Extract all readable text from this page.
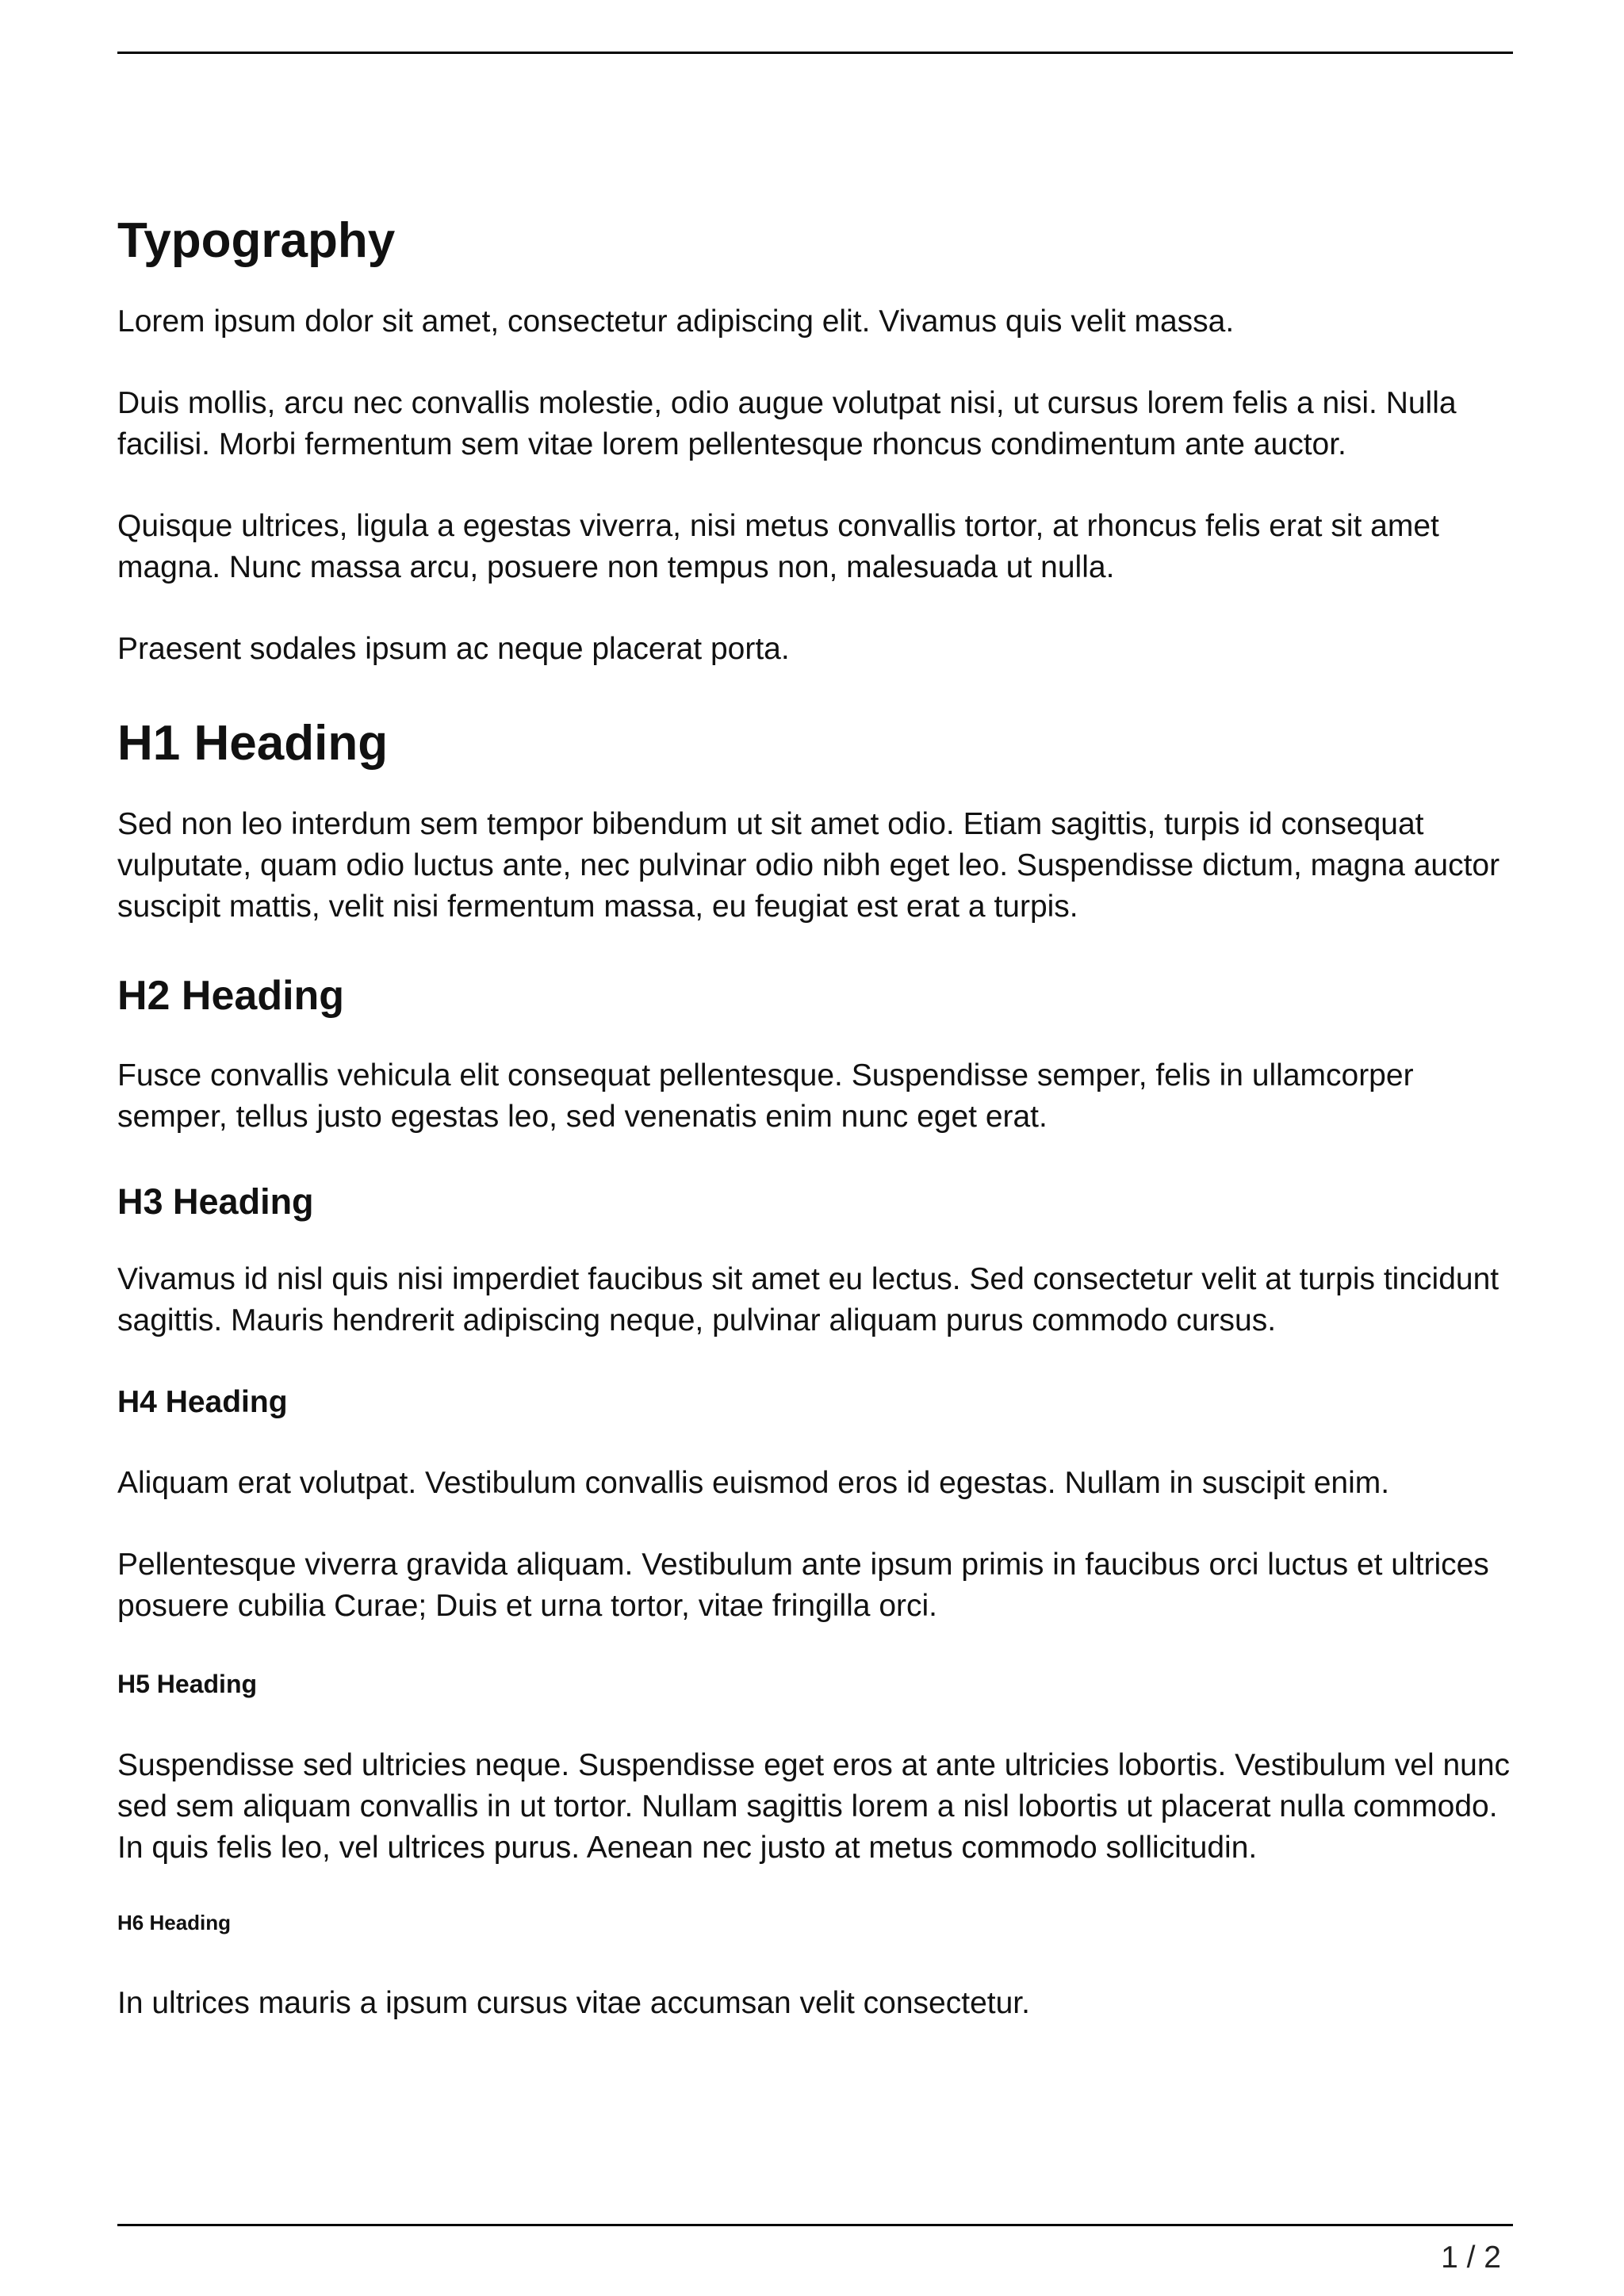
Typography

Lorem ipsum dolor sit amet, consectetur adipiscing elit. Vivamus quis velit massa.

Duis mollis, arcu nec convallis molestie, odio augue volutpat nisi, ut cursus lorem felis a nisi. Nulla facilisi. Morbi fermentum sem vitae lorem pellentesque rhoncus condimentum ante auctor.

Quisque ultrices, ligula a egestas viverra, nisi metus convallis tortor, at rhoncus felis erat sit amet magna. Nunc massa arcu, posuere non tempus non, malesuada ut nulla.

Praesent sodales ipsum ac neque placerat porta.

H1 Heading

Sed non leo interdum sem tempor bibendum ut sit amet odio. Etiam sagittis, turpis id consequat vulputate, quam odio luctus ante, nec pulvinar odio nibh eget leo. Suspendisse dictum, magna auctor suscipit mattis, velit nisi fermentum massa, eu feugiat est erat a turpis.

H2 Heading

Fusce convallis vehicula elit consequat pellentesque. Suspendisse semper, felis in ullamcorper semper, tellus justo egestas leo, sed venenatis enim nunc eget erat.

H3 Heading

Vivamus id nisl quis nisi imperdiet faucibus sit amet eu lectus. Sed consectetur velit at turpis tincidunt sagittis. Mauris hendrerit adipiscing neque, pulvinar aliquam purus commodo cursus.

H4 Heading

Aliquam erat volutpat. Vestibulum convallis euismod eros id egestas. Nullam in suscipit enim.

Pellentesque viverra gravida aliquam. Vestibulum ante ipsum primis in faucibus orci luctus et ultrices posuere cubilia Curae; Duis et urna tortor, vitae fringilla orci.

H5 Heading

Suspendisse sed ultricies neque. Suspendisse eget eros at ante ultricies lobortis. Vestibulum vel nunc sed sem aliquam convallis in ut tortor. Nullam sagittis lorem a nisl lobortis ut placerat nulla commodo. In quis felis leo, vel ultrices purus. Aenean nec justo at metus commodo sollicitudin.

H6 Heading

In ultrices mauris a ipsum cursus vitae accumsan velit consectetur.

1 / 2
